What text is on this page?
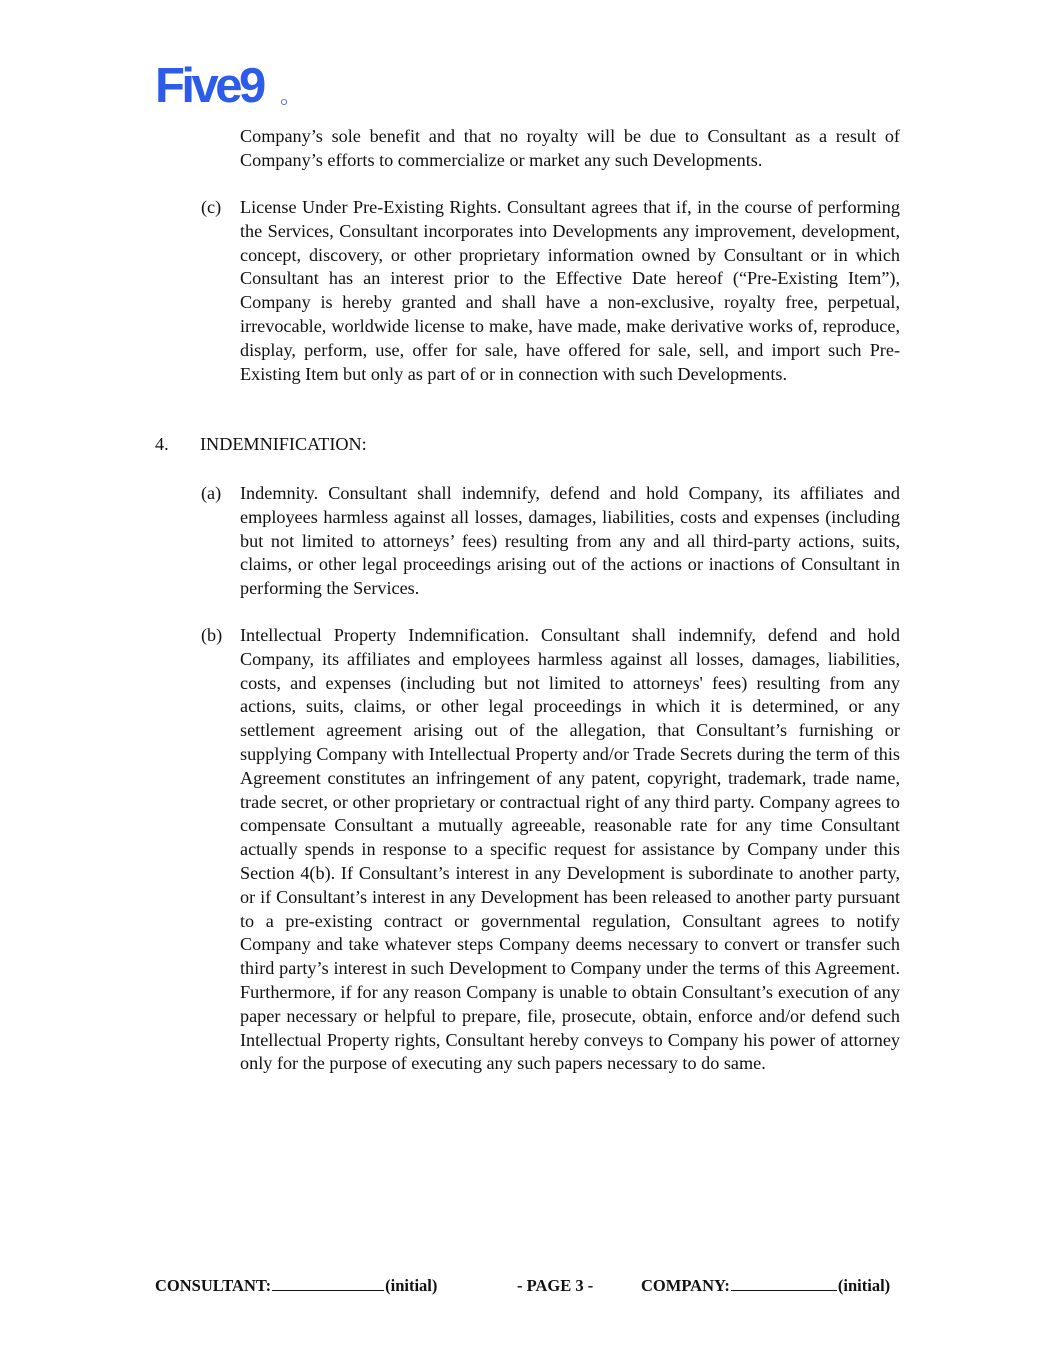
Five9

Company’s sole benefit and that no royalty will be due to Consultant as a result of Company’s efforts to commercialize or market any such Developments.

(c) License Under Pre-Existing Rights. Consultant agrees that if, in the course of performing the Services, Consultant incorporates into Developments any improvement, development, concept, discovery, or other proprietary information owned by Consultant or in which Consultant has an interest prior to the Effective Date hereof (“Pre-Existing Item”), Company is hereby granted and shall have a non-exclusive, royalty free, perpetual, irrevocable, worldwide license to make, have made, make derivative works of, reproduce, display, perform, use, offer for sale, have offered for sale, sell, and import such Pre-Existing Item but only as part of or in connection with such Developments.

4. INDEMNIFICATION:
(a) Indemnity. Consultant shall indemnify, defend and hold Company, its affiliates and employees harmless against all losses, damages, liabilities, costs and expenses (including but not limited to attorneys’ fees) resulting from any and all third-party actions, suits, claims, or other legal proceedings arising out of the actions or inactions of Consultant in performing the Services.

(b) Intellectual Property Indemnification. Consultant shall indemnify, defend and hold Company, its affiliates and employees harmless against all losses, damages, liabilities, costs, and expenses (including but not limited to attorneys' fees) resulting from any actions, suits, claims, or other legal proceedings in which it is determined, or any settlement agreement arising out of the allegation, that Consultant’s furnishing or supplying Company with Intellectual Property and/or Trade Secrets during the term of this Agreement constitutes an infringement of any patent, copyright, trademark, trade name, trade secret, or other proprietary or contractual right of any third party. Company agrees to compensate Consultant a mutually agreeable, reasonable rate for any time Consultant actually spends in response to a specific request for assistance by Company under this Section 4(b). If Consultant’s interest in any Development is subordinate to another party, or if Consultant’s interest in any Development has been released to another party pursuant to a pre-existing contract or governmental regulation, Consultant agrees to notify Company and take whatever steps Company deems necessary to convert or transfer such third party’s interest in such Development to Company under the terms of this Agreement. Furthermore, if for any reason Company is unable to obtain Consultant’s execution of any paper necessary or helpful to prepare, file, prosecute, obtain, enforce and/or defend such Intellectual Property rights, Consultant hereby conveys to Company his power of attorney only for the purpose of executing any such papers necessary to do same.

CONSULTANT:	(initial)	- PAGE 3 -	COMPANY:	(initial)
